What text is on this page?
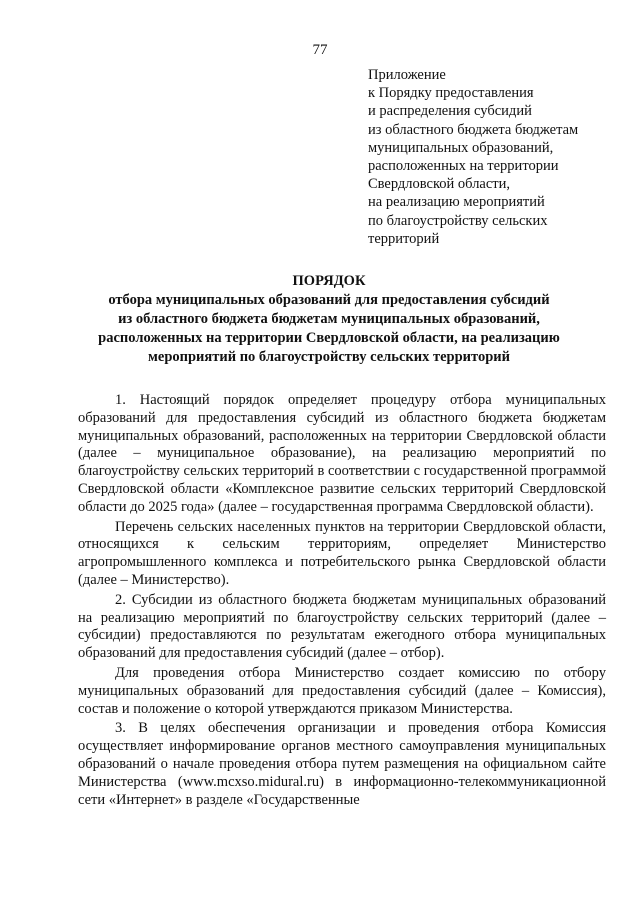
77
Приложение
к Порядку предоставления
и распределения субсидий
из областного бюджета бюджетам
муниципальных образований,
расположенных на территории
Свердловской области,
на реализацию мероприятий
по благоустройству сельских
территорий
ПОРЯДОК
отбора муниципальных образований для предоставления субсидий
из областного бюджета бюджетам муниципальных образований,
расположенных на территории Свердловской области, на реализацию
мероприятий по благоустройству сельских территорий

1. Настоящий порядок определяет процедуру отбора муниципальных образований для предоставления субсидий из областного бюджета бюджетам муниципальных образований, расположенных на территории Свердловской области (далее – муниципальное образование), на реализацию мероприятий по благоустройству сельских территорий в соответствии с государственной программой Свердловской области «Комплексное развитие сельских территорий Свердловской области до 2025 года» (далее – государственная программа Свердловской области).

Перечень сельских населенных пунктов на территории Свердловской области, относящихся к сельским территориям, определяет Министерство агропромышленного комплекса и потребительского рынка Свердловской области (далее – Министерство).

2. Субсидии из областного бюджета бюджетам муниципальных образований на реализацию мероприятий по благоустройству сельских территорий (далее – субсидии) предоставляются по результатам ежегодного отбора муниципальных образований для предоставления субсидий (далее – отбор).

Для проведения отбора Министерство создает комиссию по отбору муниципальных образований для предоставления субсидий (далее – Комиссия), состав и положение о которой утверждаются приказом Министерства.

3. В целях обеспечения организации и проведения отбора Комиссия осуществляет информирование органов местного самоуправления муниципальных образований о начале проведения отбора путем размещения на официальном сайте Министерства (www.mcxso.midural.ru) в информационно-телекоммуникационной сети «Интернет» в разделе «Государственные
